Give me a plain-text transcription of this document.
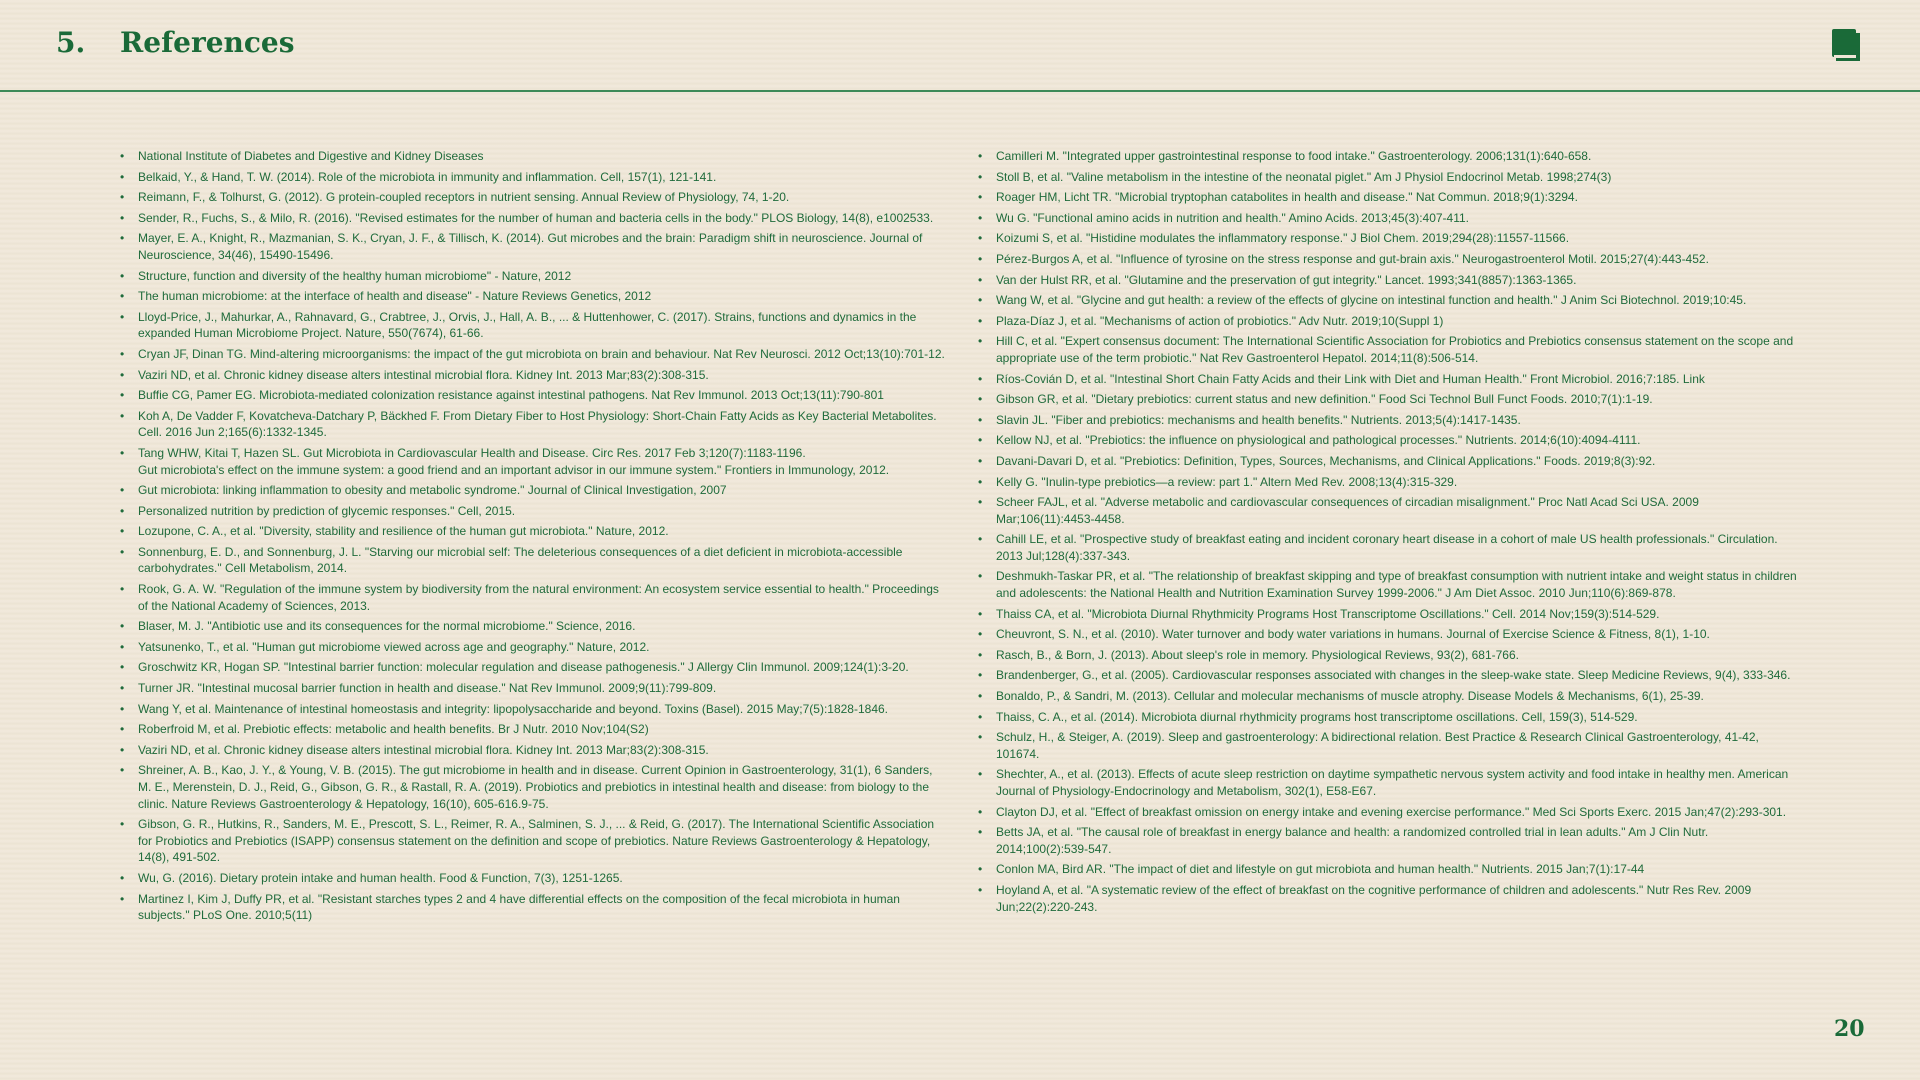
5. References
• National Institute of Diabetes and Digestive and Kidney Diseases
• Belkaid, Y., & Hand, T. W. (2014). Role of the microbiota in immunity and inflammation. Cell, 157(1), 121-141.
• Reimann, F., & Tolhurst, G. (2012). G protein-coupled receptors in nutrient sensing. Annual Review of Physiology, 74, 1-20.
• Sender, R., Fuchs, S., & Milo, R. (2016). "Revised estimates for the number of human and bacteria cells in the body." PLOS Biology, 14(8), e1002533.
• Mayer, E. A., Knight, R., Mazmanian, S. K., Cryan, J. F., & Tillisch, K. (2014). Gut microbes and the brain: Paradigm shift in neuroscience. Journal of Neuroscience, 34(46), 15490-15496.
• Structure, function and diversity of the healthy human microbiome" - Nature, 2012
• The human microbiome: at the interface of health and disease" - Nature Reviews Genetics, 2012
• Lloyd-Price, J., Mahurkar, A., Rahnavard, G., Crabtree, J., Orvis, J., Hall, A. B., ... & Huttenhower, C. (2017). Strains, functions and dynamics in the expanded Human Microbiome Project. Nature, 550(7674), 61-66.
• Cryan JF, Dinan TG. Mind-altering microorganisms: the impact of the gut microbiota on brain and behaviour. Nat Rev Neurosci. 2012 Oct;13(10):701-12.
• Vaziri ND, et al. Chronic kidney disease alters intestinal microbial flora. Kidney Int. 2013 Mar;83(2):308-315.
• Buffie CG, Pamer EG. Microbiota-mediated colonization resistance against intestinal pathogens. Nat Rev Immunol. 2013 Oct;13(11):790-801
• Koh A, De Vadder F, Kovatcheva-Datchary P, Bäckhed F. From Dietary Fiber to Host Physiology: Short-Chain Fatty Acids as Key Bacterial Metabolites. Cell. 2016 Jun 2;165(6):1332-1345.
• Tang WHW, Kitai T, Hazen SL. Gut Microbiota in Cardiovascular Health and Disease. Circ Res. 2017 Feb 3;120(7):1183-1196.
Gut microbiota's effect on the immune system: a good friend and an important advisor in our immune system." Frontiers in Immunology, 2012.
• Gut microbiota: linking inflammation to obesity and metabolic syndrome." Journal of Clinical Investigation, 2007
• Personalized nutrition by prediction of glycemic responses." Cell, 2015.
• Lozupone, C. A., et al. "Diversity, stability and resilience of the human gut microbiota." Nature, 2012.
• Sonnenburg, E. D., and Sonnenburg, J. L. "Starving our microbial self: The deleterious consequences of a diet deficient in microbiota-accessible carbohydrates." Cell Metabolism, 2014.
• Rook, G. A. W. "Regulation of the immune system by biodiversity from the natural environment: An ecosystem service essential to health." Proceedings of the National Academy of Sciences, 2013.
• Blaser, M. J. "Antibiotic use and its consequences for the normal microbiome." Science, 2016.
• Yatsunenko, T., et al. "Human gut microbiome viewed across age and geography." Nature, 2012.
• Groschwitz KR, Hogan SP. "Intestinal barrier function: molecular regulation and disease pathogenesis." J Allergy Clin Immunol. 2009;124(1):3-20.
• Turner JR. "Intestinal mucosal barrier function in health and disease." Nat Rev Immunol. 2009;9(11):799-809.
• Wang Y, et al. Maintenance of intestinal homeostasis and integrity: lipopolysaccharide and beyond. Toxins (Basel). 2015 May;7(5):1828-1846.
• Roberfroid M, et al. Prebiotic effects: metabolic and health benefits. Br J Nutr. 2010 Nov;104(S2)
• Vaziri ND, et al. Chronic kidney disease alters intestinal microbial flora. Kidney Int. 2013 Mar;83(2):308-315.
• Shreiner, A. B., Kao, J. Y., & Young, V. B. (2015). The gut microbiome in health and in disease. Current Opinion in Gastroenterology, 31(1), 6 Sanders, M. E., Merenstein, D. J., Reid, G., Gibson, G. R., & Rastall, R. A. (2019). Probiotics and prebiotics in intestinal health and disease: from biology to the clinic. Nature Reviews Gastroenterology & Hepatology, 16(10), 605-616.9-75.
• Gibson, G. R., Hutkins, R., Sanders, M. E., Prescott, S. L., Reimer, R. A., Salminen, S. J., ... & Reid, G. (2017). The International Scientific Association for Probiotics and Prebiotics (ISAPP) consensus statement on the definition and scope of prebiotics. Nature Reviews Gastroenterology & Hepatology, 14(8), 491-502.
• Wu, G. (2016). Dietary protein intake and human health. Food & Function, 7(3), 1251-1265.
• Martinez I, Kim J, Duffy PR, et al. "Resistant starches types 2 and 4 have differential effects on the composition of the fecal microbiota in human subjects." PLoS One. 2010;5(11)
• Camilleri M. "Integrated upper gastrointestinal response to food intake." Gastroenterology. 2006;131(1):640-658.
• Stoll B, et al. "Valine metabolism in the intestine of the neonatal piglet." Am J Physiol Endocrinol Metab. 1998;274(3)
• Roager HM, Licht TR. "Microbial tryptophan catabolites in health and disease." Nat Commun. 2018;9(1):3294.
• Wu G. "Functional amino acids in nutrition and health." Amino Acids. 2013;45(3):407-411.
• Koizumi S, et al. "Histidine modulates the inflammatory response." J Biol Chem. 2019;294(28):11557-11566.
• Pérez-Burgos A, et al. "Influence of tyrosine on the stress response and gut-brain axis." Neurogastroenterol Motil. 2015;27(4):443-452.
• Van der Hulst RR, et al. "Glutamine and the preservation of gut integrity." Lancet. 1993;341(8857):1363-1365.
• Wang W, et al. "Glycine and gut health: a review of the effects of glycine on intestinal function and health." J Anim Sci Biotechnol. 2019;10:45.
• Plaza-Díaz J, et al. "Mechanisms of action of probiotics." Adv Nutr. 2019;10(Suppl 1)
• Hill C, et al. "Expert consensus document: The International Scientific Association for Probiotics and Prebiotics consensus statement on the scope and appropriate use of the term probiotic." Nat Rev Gastroenterol Hepatol. 2014;11(8):506-514.
• Ríos-Covián D, et al. "Intestinal Short Chain Fatty Acids and their Link with Diet and Human Health." Front Microbiol. 2016;7:185. Link
• Gibson GR, et al. "Dietary prebiotics: current status and new definition." Food Sci Technol Bull Funct Foods. 2010;7(1):1-19.
• Slavin JL. "Fiber and prebiotics: mechanisms and health benefits." Nutrients. 2013;5(4):1417-1435.
• Kellow NJ, et al. "Prebiotics: the influence on physiological and pathological processes." Nutrients. 2014;6(10):4094-4111.
• Davani-Davari D, et al. "Prebiotics: Definition, Types, Sources, Mechanisms, and Clinical Applications." Foods. 2019;8(3):92.
• Kelly G. "Inulin-type prebiotics—a review: part 1." Altern Med Rev. 2008;13(4):315-329.
• Scheer FAJL, et al. "Adverse metabolic and cardiovascular consequences of circadian misalignment." Proc Natl Acad Sci USA. 2009 Mar;106(11):4453-4458.
• Cahill LE, et al. "Prospective study of breakfast eating and incident coronary heart disease in a cohort of male US health professionals." Circulation. 2013 Jul;128(4):337-343.
• Deshmukh-Taskar PR, et al. "The relationship of breakfast skipping and type of breakfast consumption with nutrient intake and weight status in children and adolescents: the National Health and Nutrition Examination Survey 1999-2006." J Am Diet Assoc. 2010 Jun;110(6):869-878.
• Thaiss CA, et al. "Microbiota Diurnal Rhythmicity Programs Host Transcriptome Oscillations." Cell. 2014 Nov;159(3):514-529.
• Cheuvront, S. N., et al. (2010). Water turnover and body water variations in humans. Journal of Exercise Science & Fitness, 8(1), 1-10.
• Rasch, B., & Born, J. (2013). About sleep's role in memory. Physiological Reviews, 93(2), 681-766.
• Brandenberger, G., et al. (2005). Cardiovascular responses associated with changes in the sleep-wake state. Sleep Medicine Reviews, 9(4), 333-346.
• Bonaldo, P., & Sandri, M. (2013). Cellular and molecular mechanisms of muscle atrophy. Disease Models & Mechanisms, 6(1), 25-39.
• Thaiss, C. A., et al. (2014). Microbiota diurnal rhythmicity programs host transcriptome oscillations. Cell, 159(3), 514-529.
• Schulz, H., & Steiger, A. (2019). Sleep and gastroenterology: A bidirectional relation. Best Practice & Research Clinical Gastroenterology, 41-42, 101674.
• Shechter, A., et al. (2013). Effects of acute sleep restriction on daytime sympathetic nervous system activity and food intake in healthy men. American Journal of Physiology-Endocrinology and Metabolism, 302(1), E58-E67.
• Clayton DJ, et al. "Effect of breakfast omission on energy intake and evening exercise performance." Med Sci Sports Exerc. 2015 Jan;47(2):293-301.
• Betts JA, et al. "The causal role of breakfast in energy balance and health: a randomized controlled trial in lean adults." Am J Clin Nutr. 2014;100(2):539-547.
• Conlon MA, Bird AR. "The impact of diet and lifestyle on gut microbiota and human health." Nutrients. 2015 Jan;7(1):17-44
• Hoyland A, et al. "A systematic review of the effect of breakfast on the cognitive performance of children and adolescents." Nutr Res Rev. 2009 Jun;22(2):220-243.
20
